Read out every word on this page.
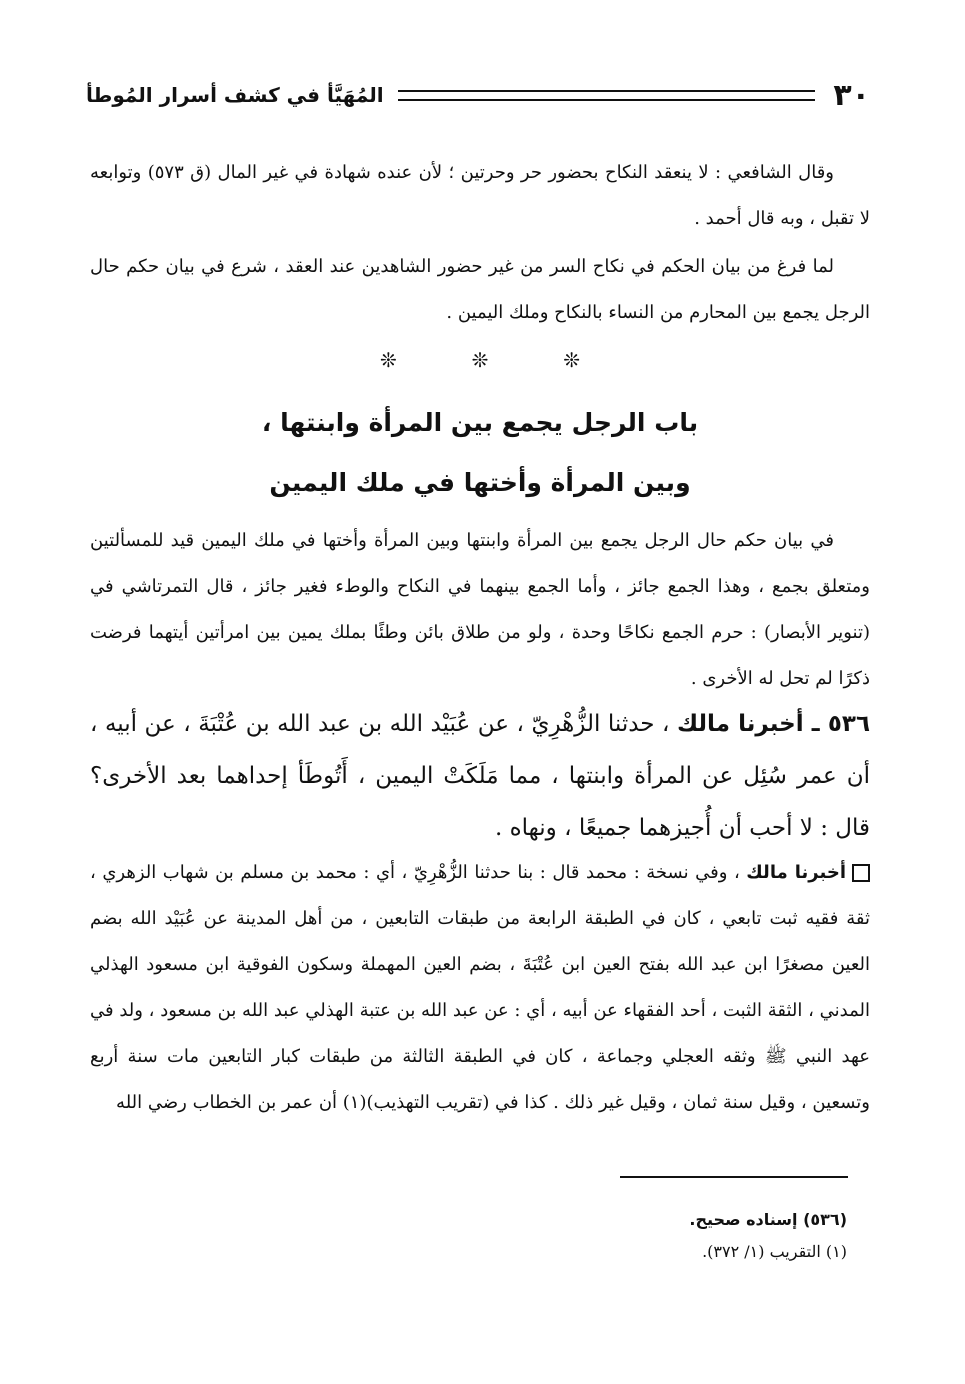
٣٠
المُهَيَّأ في كشف أسرار المُوطأ

وقال الشافعي : لا ينعقد النكاح بحضور حر وحرتين ؛ لأن عنده شهادة في غير المال (ق ٥٧٣) وتوابعه لا تقبل ، وبه قال أحمد .

لما فرغ من بيان الحكم في نكاح السر من غير حضور الشاهدين عند العقد ، شرع في بيان حكم حال الرجل يجمع بين المحارم من النساء بالنكاح وملك اليمين .

❊	❊	❊
باب الرجل يجمع بين المرأة وابنتها ،
وبين المرأة وأختها في ملك اليمين

في بيان حكم حال الرجل يجمع بين المرأة وابنتها وبين المرأة وأختها في ملك اليمين قيد للمسألتين ومتعلق بجمع ، وهذا الجمع جائز ، وأما الجمع بينهما في النكاح والوطء فغير جائز ، قال التمرتاشي في (تنوير الأبصار) : حرم الجمع نكاحًا وحدة ، ولو من طلاق بائن وطئًا بملك يمين بين امرأتين أيتهما فرضت ذكرًا لم تحل له الأخرى .

٥٣٦ ـ أخبرنا مالك ، حدثنا الزُّهْرِيّ ، عن عُبَيْد الله بن عبد الله بن عُتْبَةَ ، عن أبيه ، أن عمر سُئِل عن المرأة وابنتها ، مما مَلَكَتْ اليمين ، أَتُوطَأ إحداهما بعد الأخرى؟ قال : لا أحب أن أُجيزهما جميعًا ، ونهاه .

أخبرنا مالك ، وفي نسخة : محمد قال : بنا حدثنا الزُّهْرِيّ ، أي : محمد بن مسلم بن شهاب الزهري ، ثقة فقيه ثبت تابعي ، كان في الطبقة الرابعة من طبقات التابعين ، من أهل المدينة عن عُبَيْد الله بضم العين مصغرًا ابن عبد الله بفتح العين ابن عُتْبَةَ ، بضم العين المهملة وسكون الفوقية ابن مسعود الهذلي المدني ، الثقة الثبت ، أحد الفقهاء عن أبيه ، أي : عن عبد الله بن عتبة الهذلي عبد الله بن مسعود ، ولد في عهد النبي ﷺ وثقه العجلي وجماعة ، كان في الطبقة الثالثة من طبقات كبار التابعين مات سنة أربع وتسعين ، وقيل سنة ثمان ، وقيل غير ذلك . كذا في (تقريب التهذيب)(١) أن عمر بن الخطاب رضي الله

(٥٣٦) إسناده صحيح.
(١) التقريب (١/ ٣٧٢).
